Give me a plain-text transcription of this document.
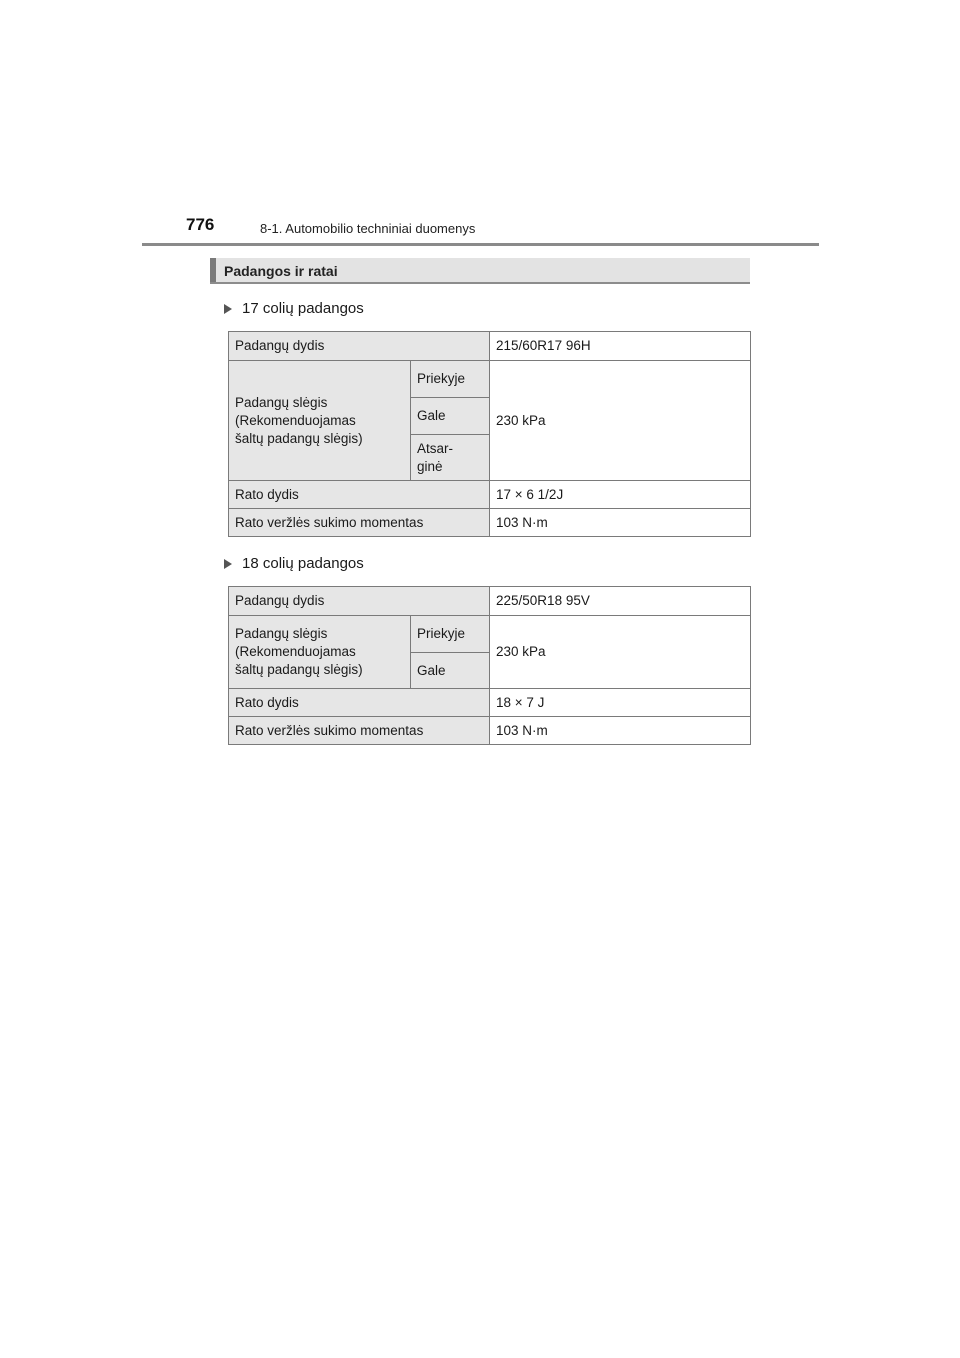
776	8-1. Automobilio techniniai duomenys
Padangos ir ratai
17 colių padangos
Padangų dydis		215/60R17 96H

Padangų slėgis
(Rekomenduojamas
šaltų padangų slėgis)	Priekyje	230 kPa
	Gale	

	Atsar-
ginė	

Rato dydis		17 × 6 1/2J
Rato veržlės sukimo momentas		103 N·m
18 colių padangos
Padangų dydis		225/50R18 95V

Padangų slėgis
(Rekomenduojamas
šaltų padangų slėgis)	Priekyje	230 kPa
	Gale	
Rato dydis		18 × 7 J
Rato veržlės sukimo momentas		103 N·m
